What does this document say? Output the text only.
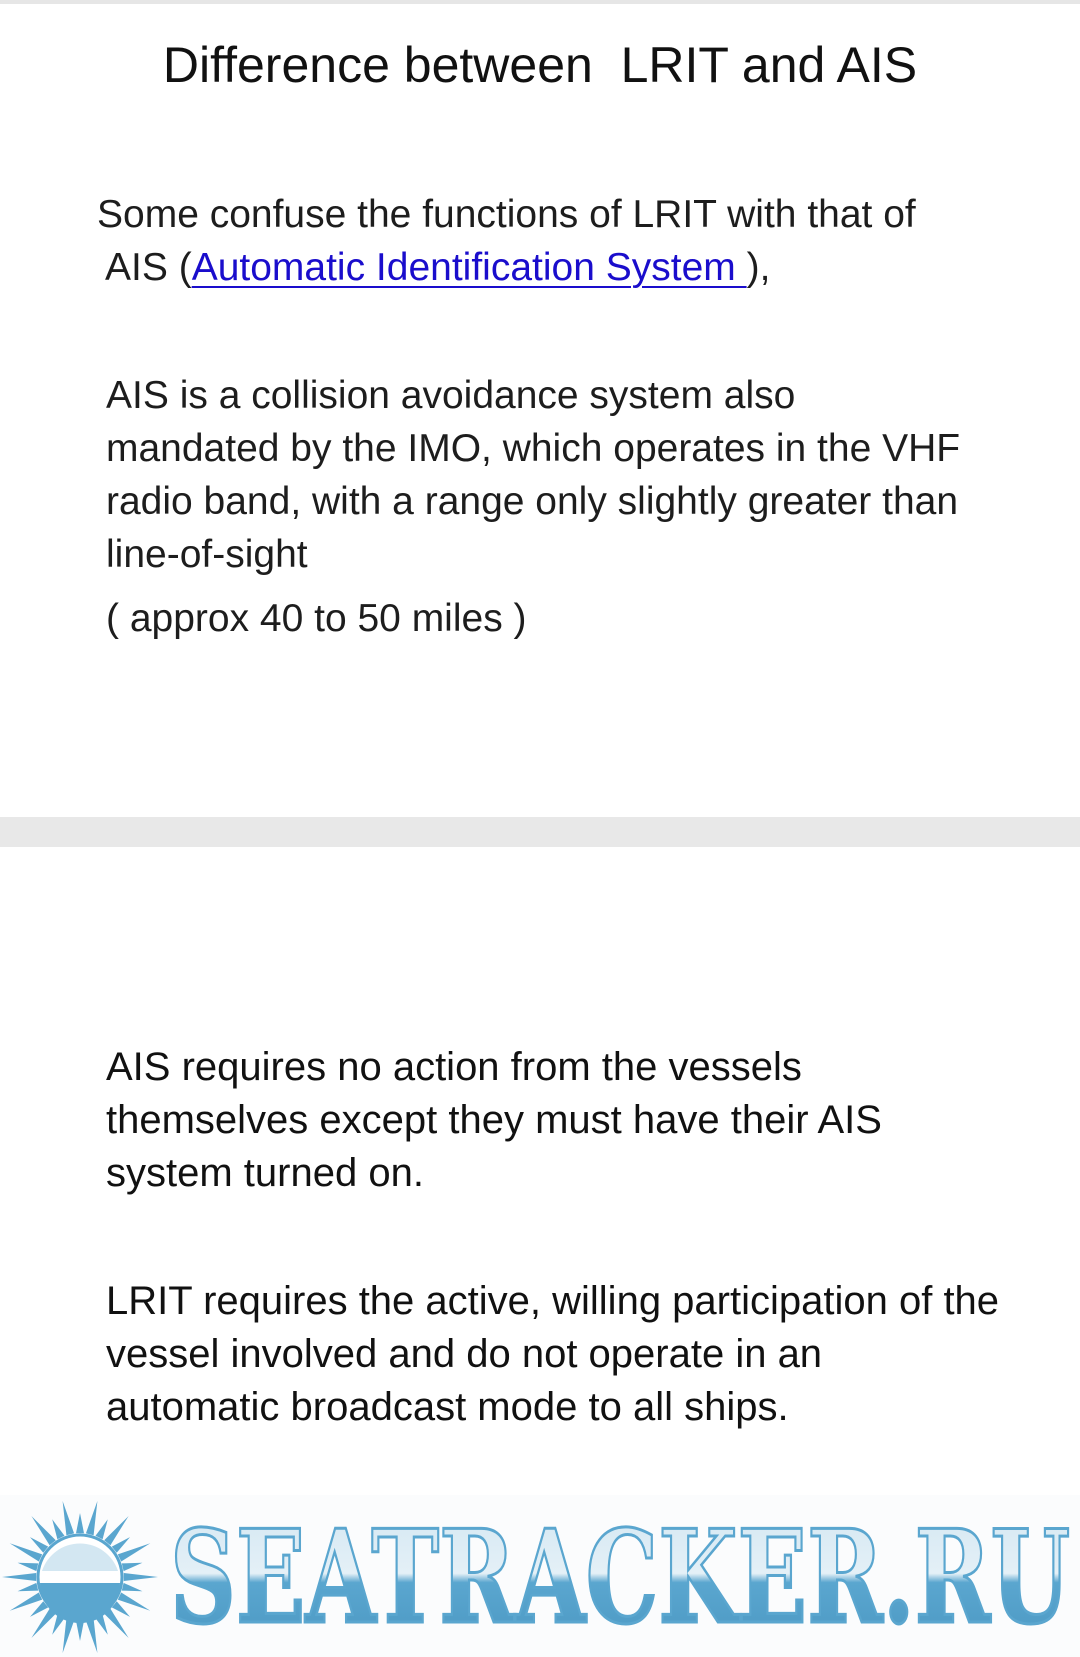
Difference between  LRIT and AIS
Some confuse the functions of LRIT with that of
AIS (Automatic Identification System ),
AIS is a collision avoidance system also mandated by the IMO, which operates in the VHF radio band, with a range only slightly greater than line-of-sight
( approx 40 to 50 miles )
AIS requires no action from the vessels themselves except they must have their AIS system turned on.
LRIT requires the active, willing participation of the vessel involved and do not operate in an automatic broadcast mode to all ships.
SEATRACKER.RU
